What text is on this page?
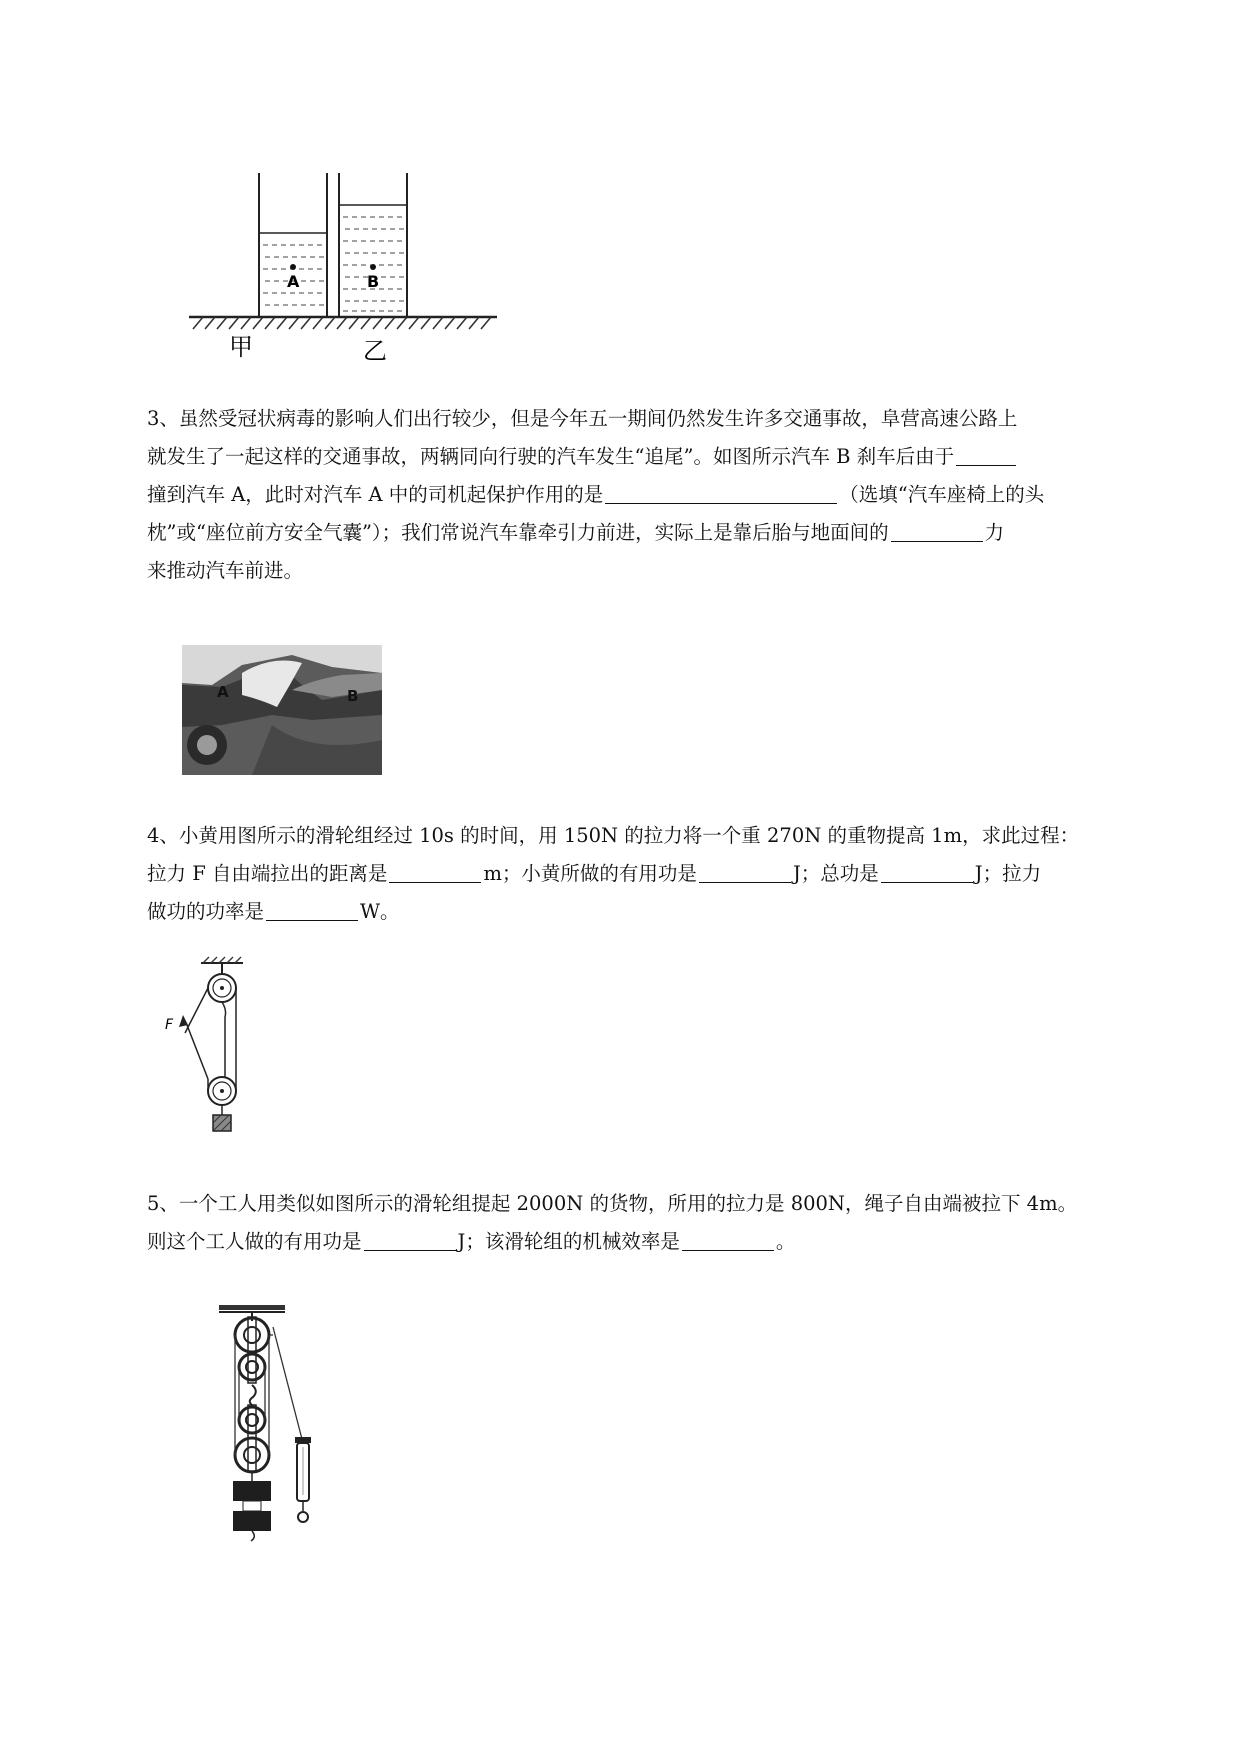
A	B
甲	乙

3、虽然受冠状病毒的影响人们出行较少，但是今年五一期间仍然发生许多交通事故，阜营高速公路上

就发生了一起这样的交通事故，两辆同向行驶的汽车发生“追尾”。如图所示汽车 B 刹车后由于

撞到汽车 A，此时对汽车 A 中的司机起保护作用的是	（选填“汽车座椅上的头

枕”或“座位前方安全气囊”）；我们常说汽车靠牵引力前进，实际上是靠后胎与地面间的	力

来推动汽车前进。

A	B

4、小黄用图所示的滑轮组经过 10s 的时间，用 150N 的拉力将一个重 270N 的重物提高 1m，求此过程：

拉力 F 自由端拉出的距离是	m；小黄所做的有用功是	J；总功是	J；拉力

做功的功率是	W。

F

5、一个工人用类似如图所示的滑轮组提起 2000N 的货物，所用的拉力是 800N，绳子自由端被拉下 4m。

则这个工人做的有用功是	J；该滑轮组的机械效率是	。
